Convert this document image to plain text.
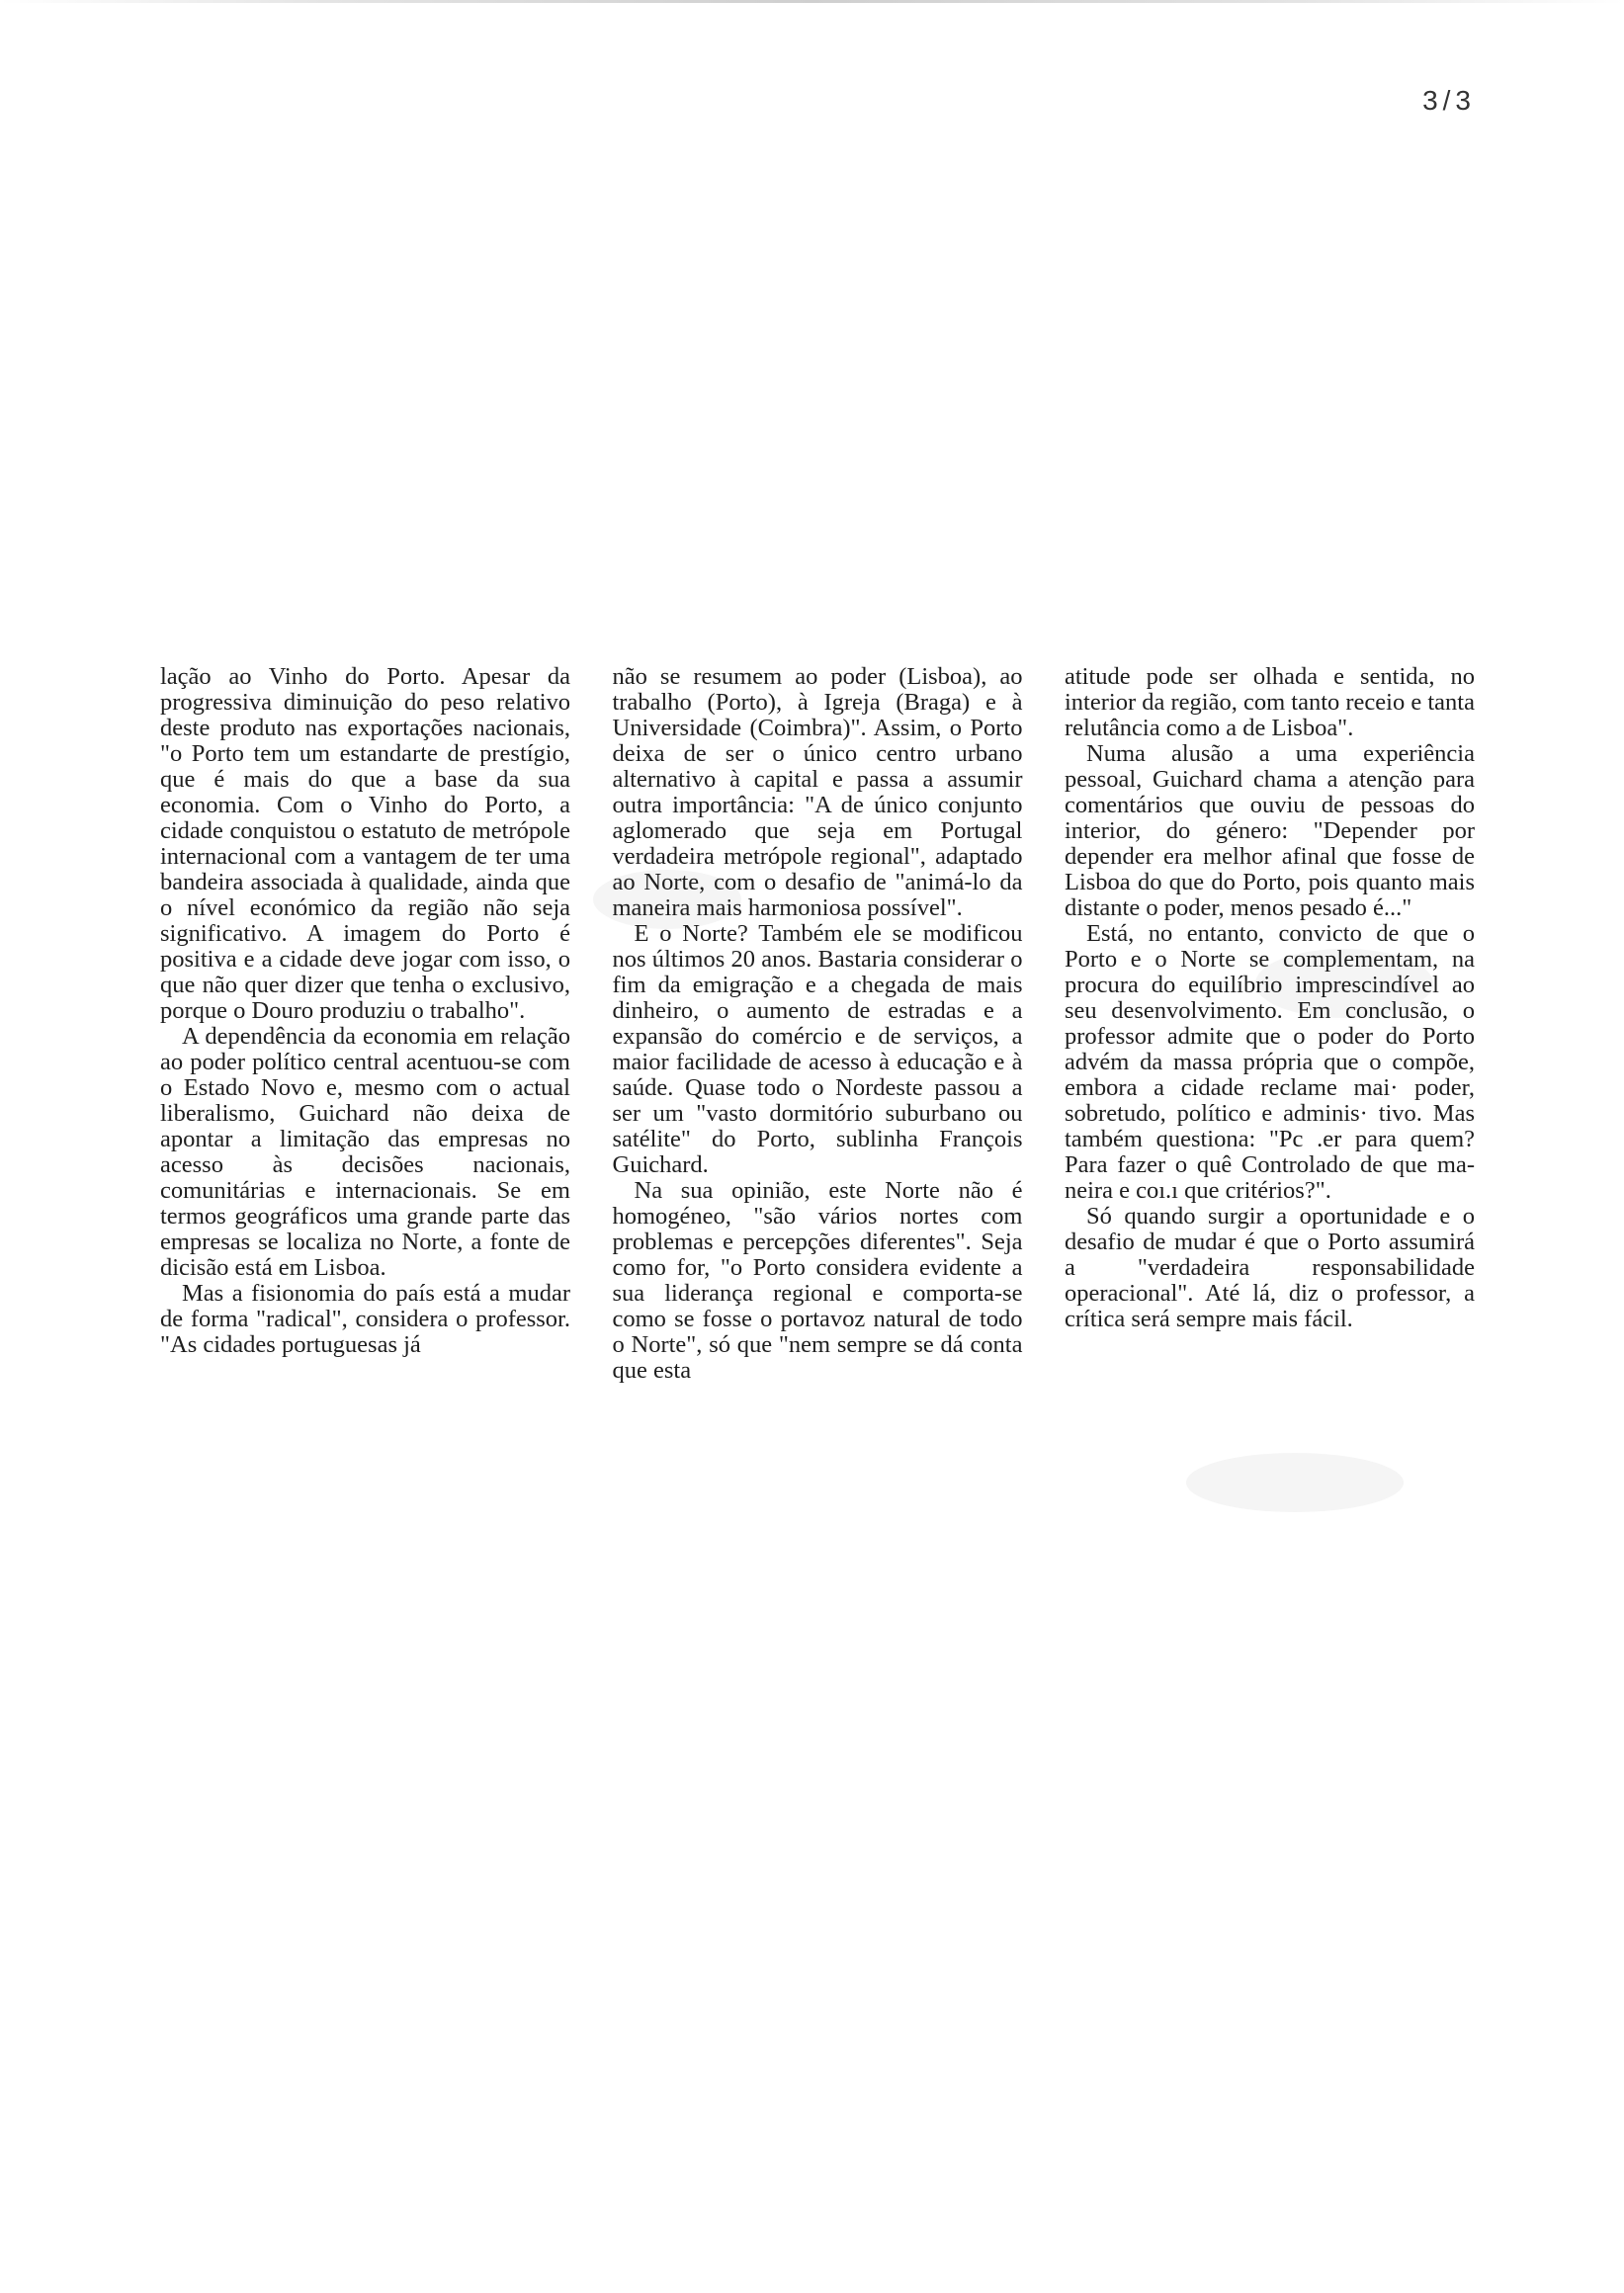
3/3

lação ao Vinho do Porto. Apesar da progressiva diminuição do peso relativo deste produto nas exportações nacionais, "o Porto tem um estandarte de prestígio, que é mais do que a base da sua economia. Com o Vinho do Porto, a cidade conquistou o estatuto de metrópole internacional com a vantagem de ter uma bandeira associada à qualidade, ainda que o nível económico da região não seja significativo. A imagem do Porto é positiva e a cidade deve jogar com isso, o que não quer dizer que tenha o exclusivo, porque o Douro produziu o trabalho".

A dependência da economia em relação ao poder político central acentuou-se com o Estado Novo e, mesmo com o actual liberalismo, Guichard não deixa de apontar a limitação das empresas no acesso às decisões nacionais, comunitárias e internacionais. Se em termos geográficos uma grande parte das empresas se localiza no Norte, a fonte de dicisão está em Lisboa.

Mas a fisionomia do país está a mudar de forma "radical", considera o professor. "As cidades portuguesas já

não se resumem ao poder (Lisboa), ao trabalho (Porto), à Igreja (Braga) e à Universidade (Coimbra)". Assim, o Porto deixa de ser o único centro urbano alternativo à capital e passa a assumir outra importância: "A de único conjunto aglomerado que seja em Portugal verdadeira metrópole regional", adaptado ao Norte, com o desafio de "animá-lo da maneira mais harmoniosa possível".

E o Norte? Também ele se modificou nos últimos 20 anos. Bastaria considerar o fim da emigração e a chegada de mais dinheiro, o aumento de estradas e a expansão do comércio e de serviços, a maior facilidade de acesso à educação e à saúde. Quase todo o Nordeste passou a ser um "vasto dormitório suburbano ou satélite" do Porto, sublinha François Guichard.

Na sua opinião, este Norte não é homogéneo, "são vários nortes com problemas e percepções diferentes". Seja como for, "o Porto considera evidente a sua liderança regional e comporta-se como se fosse o portavoz natural de todo o Norte", só que "nem sempre se dá conta que esta

atitude pode ser olhada e sentida, no interior da região, com tanto receio e tanta relutância como a de Lisboa".

Numa alusão a uma experiência pessoal, Guichard chama a atenção para comentários que ouviu de pessoas do interior, do género: "Depender por depender era melhor afinal que fosse de Lisboa do que do Porto, pois quanto mais distante o poder, menos pesado é..."

Está, no entanto, convicto de que o Porto e o Norte se complementam, na procura do equilíbrio imprescindível ao seu desenvolvimento. Em conclusão, o professor admite que o poder do Porto advém da massa própria que o compõe, embora a cidade reclame mai· poder, sobretudo, político e adminis· tivo. Mas também questiona: "Pc .er para quem? Para fazer o quê Controlado de que maneira e coı.ı que critérios?".

Só quando surgir a oportunidade e o desafio de mudar é que o Porto assumirá a "verdadeira responsabilidade operacional". Até lá, diz o professor, a crítica será sempre mais fácil.
